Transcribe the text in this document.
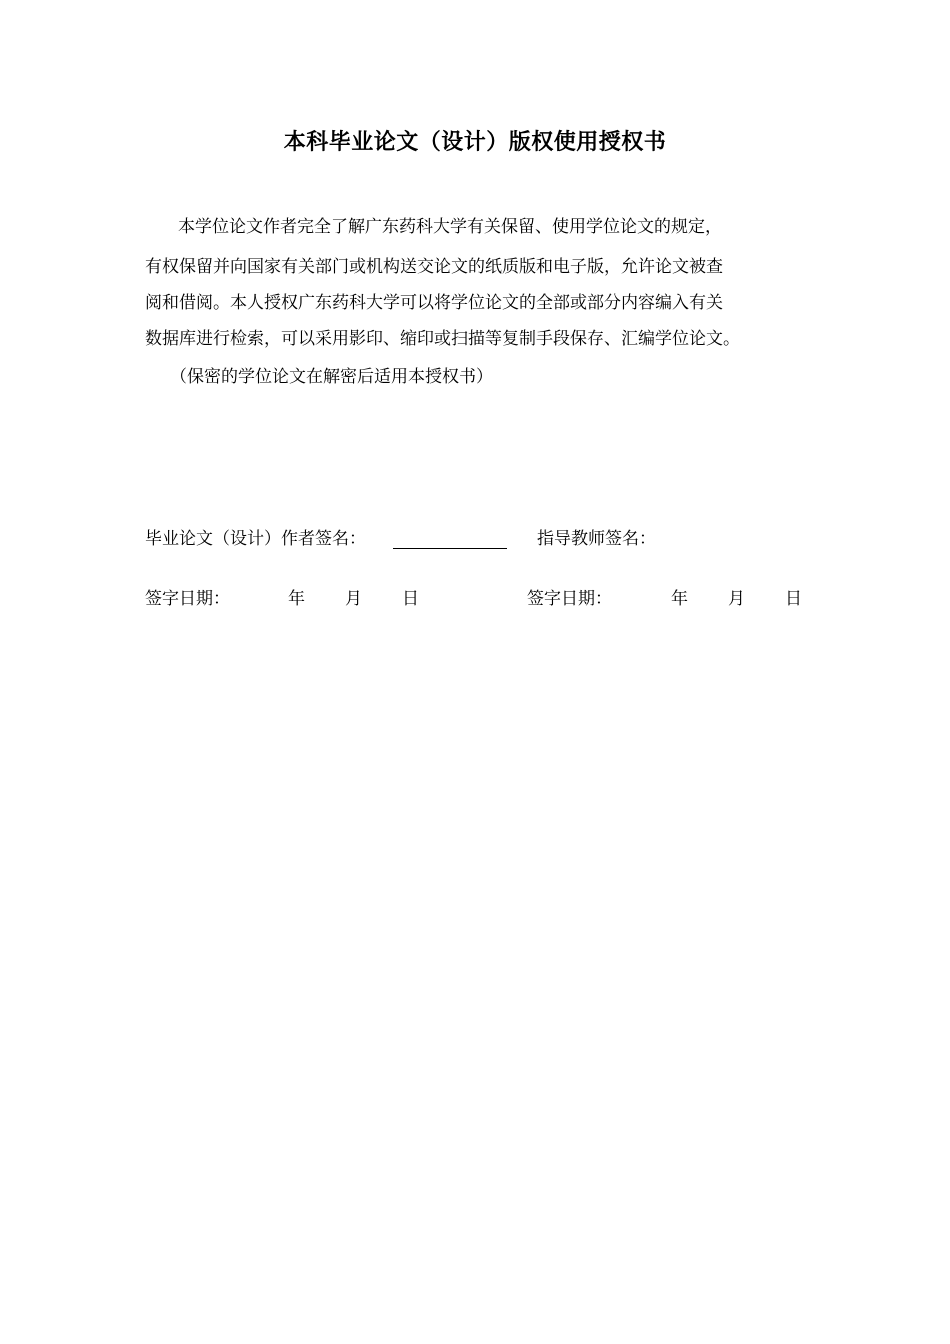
本科毕业论文（设计）版权使用授权书
本学位论文作者完全了解广东药科大学有关保留、使用学位论文的规定，
有权保留并向国家有关部门或机构送交论文的纸质版和电子版，允许论文被查
阅和借阅。本人授权广东药科大学可以将学位论文的全部或部分内容编入有关
数据库进行检索，可以采用影印、缩印或扫描等复制手段保存、汇编学位论文。
（保密的学位论文在解密后适用本授权书）
毕业论文（设计）作者签名：	指导教师签名：
签字日期：	年 月 日	签字日期：	年 月 日
